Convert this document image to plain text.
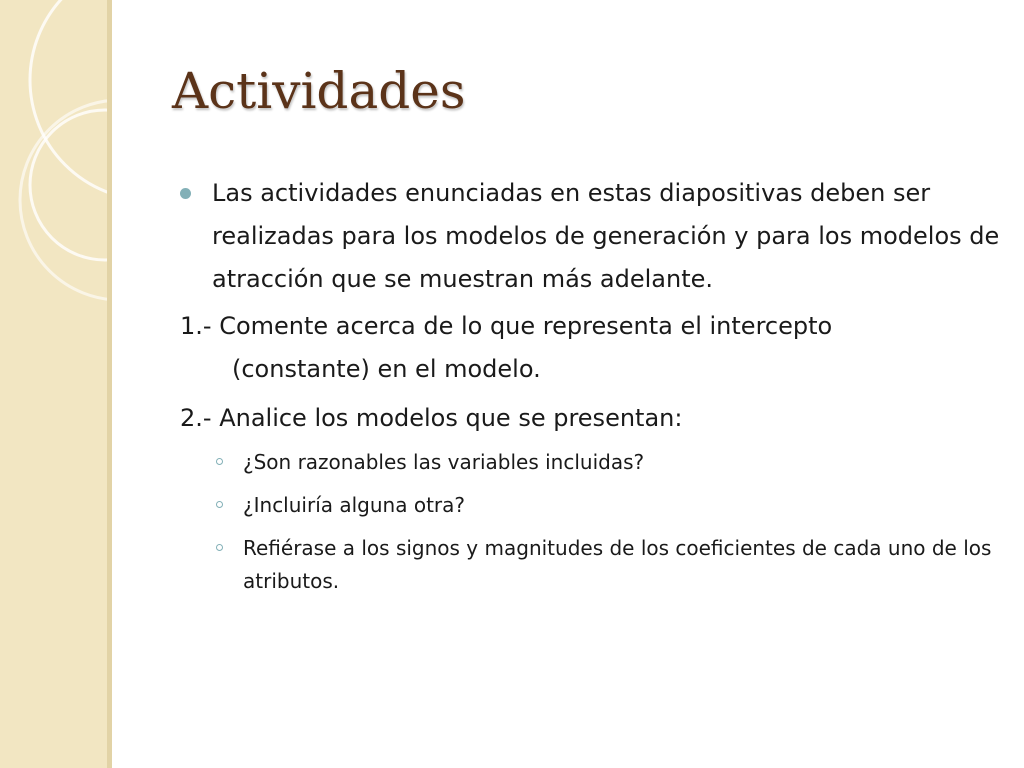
Actividades
Las actividades enunciadas en estas diapositivas deben ser realizadas para los modelos de generación y para los modelos de atracción que se muestran más adelante.
1.- Comente acerca de lo que representa el intercepto
(constante) en el modelo.
2.- Analice los modelos que se presentan:
¿Son razonables las variables incluidas?
¿Incluiría alguna otra?
Refiérase a los signos y magnitudes de los coeficientes de cada uno de los atributos.
